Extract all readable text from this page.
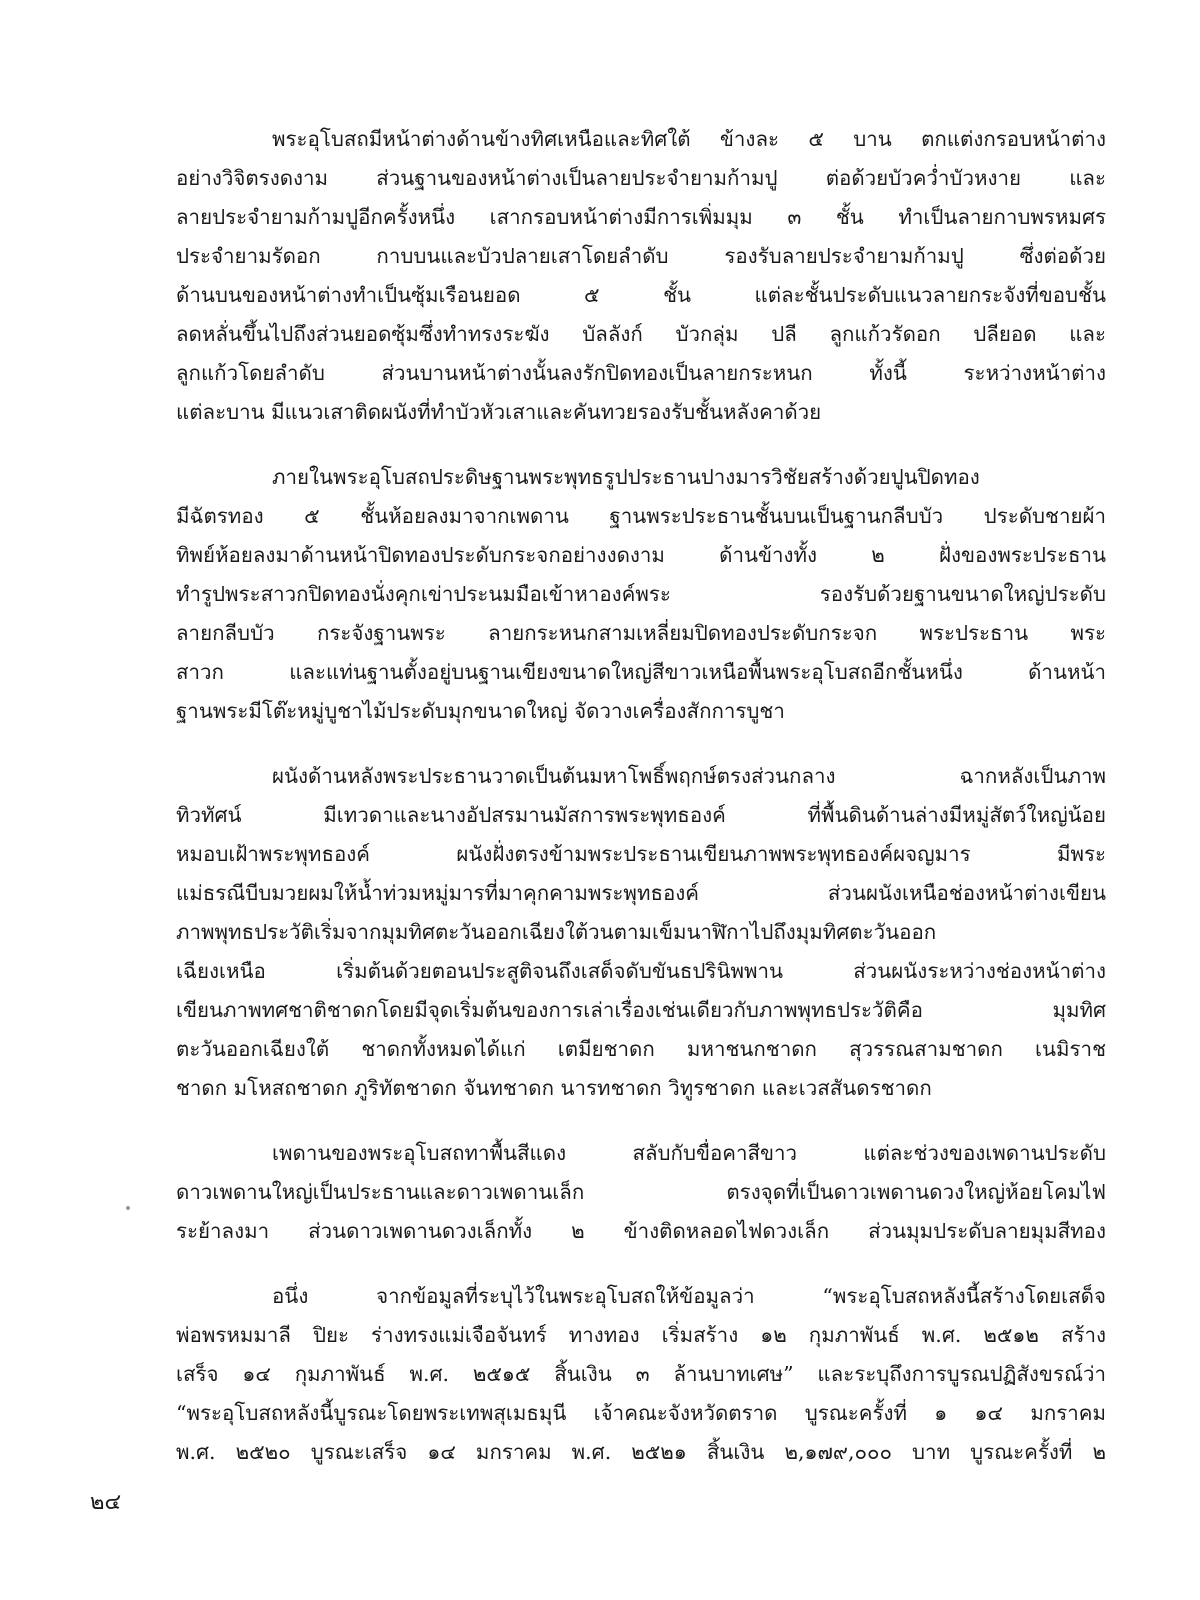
พระอุโบสถมีหน้าต่างด้านข้างทิศเหนือและทิศใต้ ข้างละ ๕ บาน ตกแต่งกรอบหน้าต่าง
อย่างวิจิตรงดงาม ส่วนฐานของหน้าต่างเป็นลายประจำยามก้ามปู ต่อด้วยบัวคว่ำบัวหงาย และ
ลายประจำยามก้ามปูอีกครั้งหนึ่ง เสากรอบหน้าต่างมีการเพิ่มมุม ๓ ชั้น ทำเป็นลายกาบพรหมศร
ประจำยามรัดอก กาบบนและบัวปลายเสาโดยลำดับ รองรับลายประจำยามก้ามปู ซึ่งต่อด้วย
ด้านบนของหน้าต่างทำเป็นซุ้มเรือนยอด ๕ ชั้น แต่ละชั้นประดับแนวลายกระจังที่ขอบชั้น
ลดหลั่นขึ้นไปถึงส่วนยอดซุ้มซึ่งทำทรงระฆัง บัลลังก์ บัวกลุ่ม ปลี ลูกแก้วรัดอก ปลียอด และ
ลูกแก้วโดยลำดับ ส่วนบานหน้าต่างนั้นลงรักปิดทองเป็นลายกระหนก ทั้งนี้ ระหว่างหน้าต่าง
แต่ละบาน มีแนวเสาติดผนังที่ทำบัวหัวเสาและคันทวยรองรับชั้นหลังคาด้วย

ภายในพระอุโบสถประดิษฐานพระพุทธรูปประธานปางมารวิชัยสร้างด้วยปูนปิดทอง
มีฉัตรทอง ๕ ชั้นห้อยลงมาจากเพดาน ฐานพระประธานชั้นบนเป็นฐานกลีบบัว ประดับชายผ้า
ทิพย์ห้อยลงมาด้านหน้าปิดทองประดับกระจกอย่างงดงาม ด้านข้างทั้ง ๒ ฝั่งของพระประธาน
ทำรูปพระสาวกปิดทองนั่งคุกเข่าประนมมือเข้าหาองค์พระ รองรับด้วยฐานขนาดใหญ่ประดับ
ลายกลีบบัว กระจังฐานพระ ลายกระหนกสามเหลี่ยมปิดทองประดับกระจก พระประธาน พระ
สาวก และแท่นฐานตั้งอยู่บนฐานเขียงขนาดใหญ่สีขาวเหนือพื้นพระอุโบสถอีกชั้นหนึ่ง ด้านหน้า
ฐานพระมีโต๊ะหมู่บูชาไม้ประดับมุกขนาดใหญ่ จัดวางเครื่องสักการบูชา

ผนังด้านหลังพระประธานวาดเป็นต้นมหาโพธิ์พฤกษ์ตรงส่วนกลาง ฉากหลังเป็นภาพ
ทิวทัศน์ มีเทวดาและนางอัปสรมานมัสการพระพุทธองค์ ที่พื้นดินด้านล่างมีหมู่สัตว์ใหญ่น้อย
หมอบเฝ้าพระพุทธองค์ ผนังฝั่งตรงข้ามพระประธานเขียนภาพพระพุทธองค์ผจญมาร มีพระ
แม่ธรณีบีบมวยผมให้น้ำท่วมหมู่มารที่มาคุกคามพระพุทธองค์ ส่วนผนังเหนือช่องหน้าต่างเขียน
ภาพพุทธประวัติเริ่มจากมุมทิศตะวันออกเฉียงใต้วนตามเข็มนาฬิกาไปถึงมุมทิศตะวันออก
เฉียงเหนือ เริ่มต้นด้วยตอนประสูติจนถึงเสด็จดับขันธปรินิพพาน ส่วนผนังระหว่างช่องหน้าต่าง
เขียนภาพทศชาติชาดกโดยมีจุดเริ่มต้นของการเล่าเรื่องเช่นเดียวกับภาพพุทธประวัติคือ มุมทิศ
ตะวันออกเฉียงใต้ ชาดกทั้งหมดได้แก่ เตมียชาดก มหาชนกชาดก สุวรรณสามชาดก เนมิราช
ชาดก มโหสถชาดก ภูริทัตชาดก จันทชาดก นารทชาดก วิทูรชาดก และเวสสันดรชาดก

เพดานของพระอุโบสถทาพื้นสีแดง สลับกับขื่อคาสีขาว แต่ละช่วงของเพดานประดับ
ดาวเพดานใหญ่เป็นประธานและดาวเพดานเล็ก ตรงจุดที่เป็นดาวเพดานดวงใหญ่ห้อยโคมไฟ
ระย้าลงมา ส่วนดาวเพดานดวงเล็กทั้ง ๒ ข้างติดหลอดไฟดวงเล็ก ส่วนมุมประดับลายมุมสีทอง

อนึ่ง จากข้อมูลที่ระบุไว้ในพระอุโบสถให้ข้อมูลว่า “พระอุโบสถหลังนี้สร้างโดยเสด็จ
พ่อพรหมมาลี ปิยะ ร่างทรงแม่เจือจันทร์ ทางทอง เริ่มสร้าง ๑๒ กุมภาพันธ์ พ.ศ. ๒๕๑๒ สร้าง
เสร็จ ๑๔ กุมภาพันธ์ พ.ศ. ๒๕๑๕ สิ้นเงิน ๓ ล้านบาทเศษ” และระบุถึงการบูรณปฏิสังขรณ์ว่า
“พระอุโบสถหลังนี้บูรณะโดยพระเทพสุเมธมุนี เจ้าคณะจังหวัดตราด บูรณะครั้งที่ ๑ ๑๔ มกราคม
พ.ศ. ๒๕๒๐ บูรณะเสร็จ ๑๔ มกราคม พ.ศ. ๒๕๒๑ สิ้นเงิน ๒,๑๗๙,๐๐๐ บาท บูรณะครั้งที่ ๒

๒๔
